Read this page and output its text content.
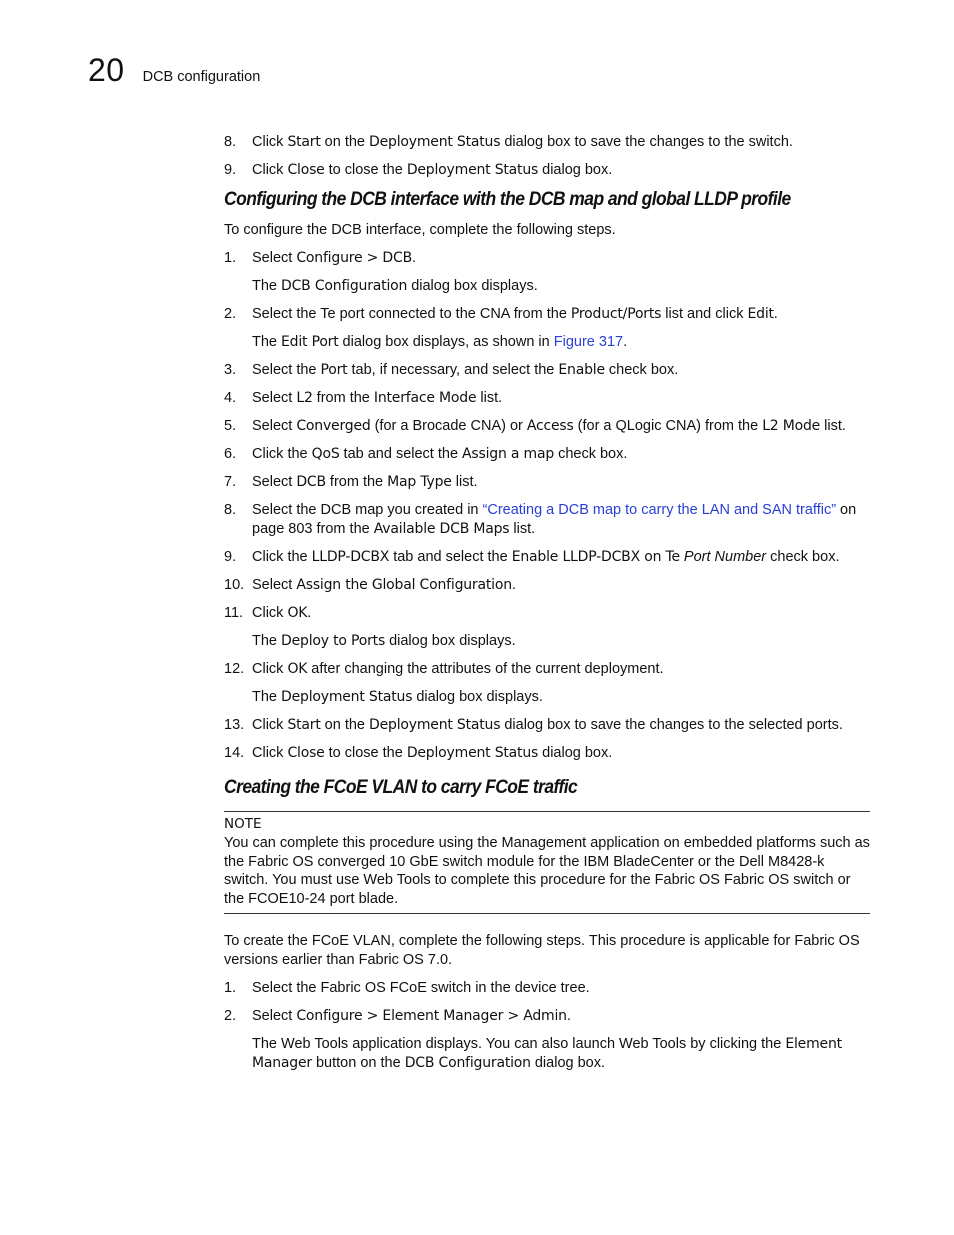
20 DCB configuration
8.	Click Start on the Deployment Status dialog box to save the changes to the switch.
9.	Click Close to close the Deployment Status dialog box.
Configuring the DCB interface with the DCB map and global LLDP profile
To configure the DCB interface, complete the following steps.
1.	Select Configure > DCB.
The DCB Configuration dialog box displays.
2.	Select the Te port connected to the CNA from the Product/Ports list and click Edit.
The Edit Port dialog box displays, as shown in Figure 317.
3.	Select the Port tab, if necessary, and select the Enable check box.
4.	Select L2 from the Interface Mode list.
5.	Select Converged (for a Brocade CNA) or Access (for a QLogic CNA) from the L2 Mode list.
6.	Click the QoS tab and select the Assign a map check box.
7.	Select DCB from the Map Type list.
8.	Select the DCB map you created in “Creating a DCB map to carry the LAN and SAN traffic” on page 803 from the Available DCB Maps list.
9.	Click the LLDP-DCBX tab and select the Enable LLDP-DCBX on Te Port Number check box.
10. Select Assign the Global Configuration.
11. Click OK.
The Deploy to Ports dialog box displays.
12. Click OK after changing the attributes of the current deployment.
The Deployment Status dialog box displays.
13. Click Start on the Deployment Status dialog box to save the changes to the selected ports.
14. Click Close to close the Deployment Status dialog box.
Creating the FCoE VLAN to carry FCoE traffic
NOTE
You can complete this procedure using the Management application on embedded platforms such as the Fabric OS converged 10 GbE switch module for the IBM BladeCenter or the Dell M8428-k switch. You must use Web Tools to complete this procedure for the Fabric OS Fabric OS switch or the FCOE10-24 port blade.
To create the FCoE VLAN, complete the following steps. This procedure is applicable for Fabric OS versions earlier than Fabric OS 7.0.
1.	Select the Fabric OS FCoE switch in the device tree.
2.	Select Configure > Element Manager > Admin.
The Web Tools application displays. You can also launch Web Tools by clicking the Element Manager button on the DCB Configuration dialog box.
